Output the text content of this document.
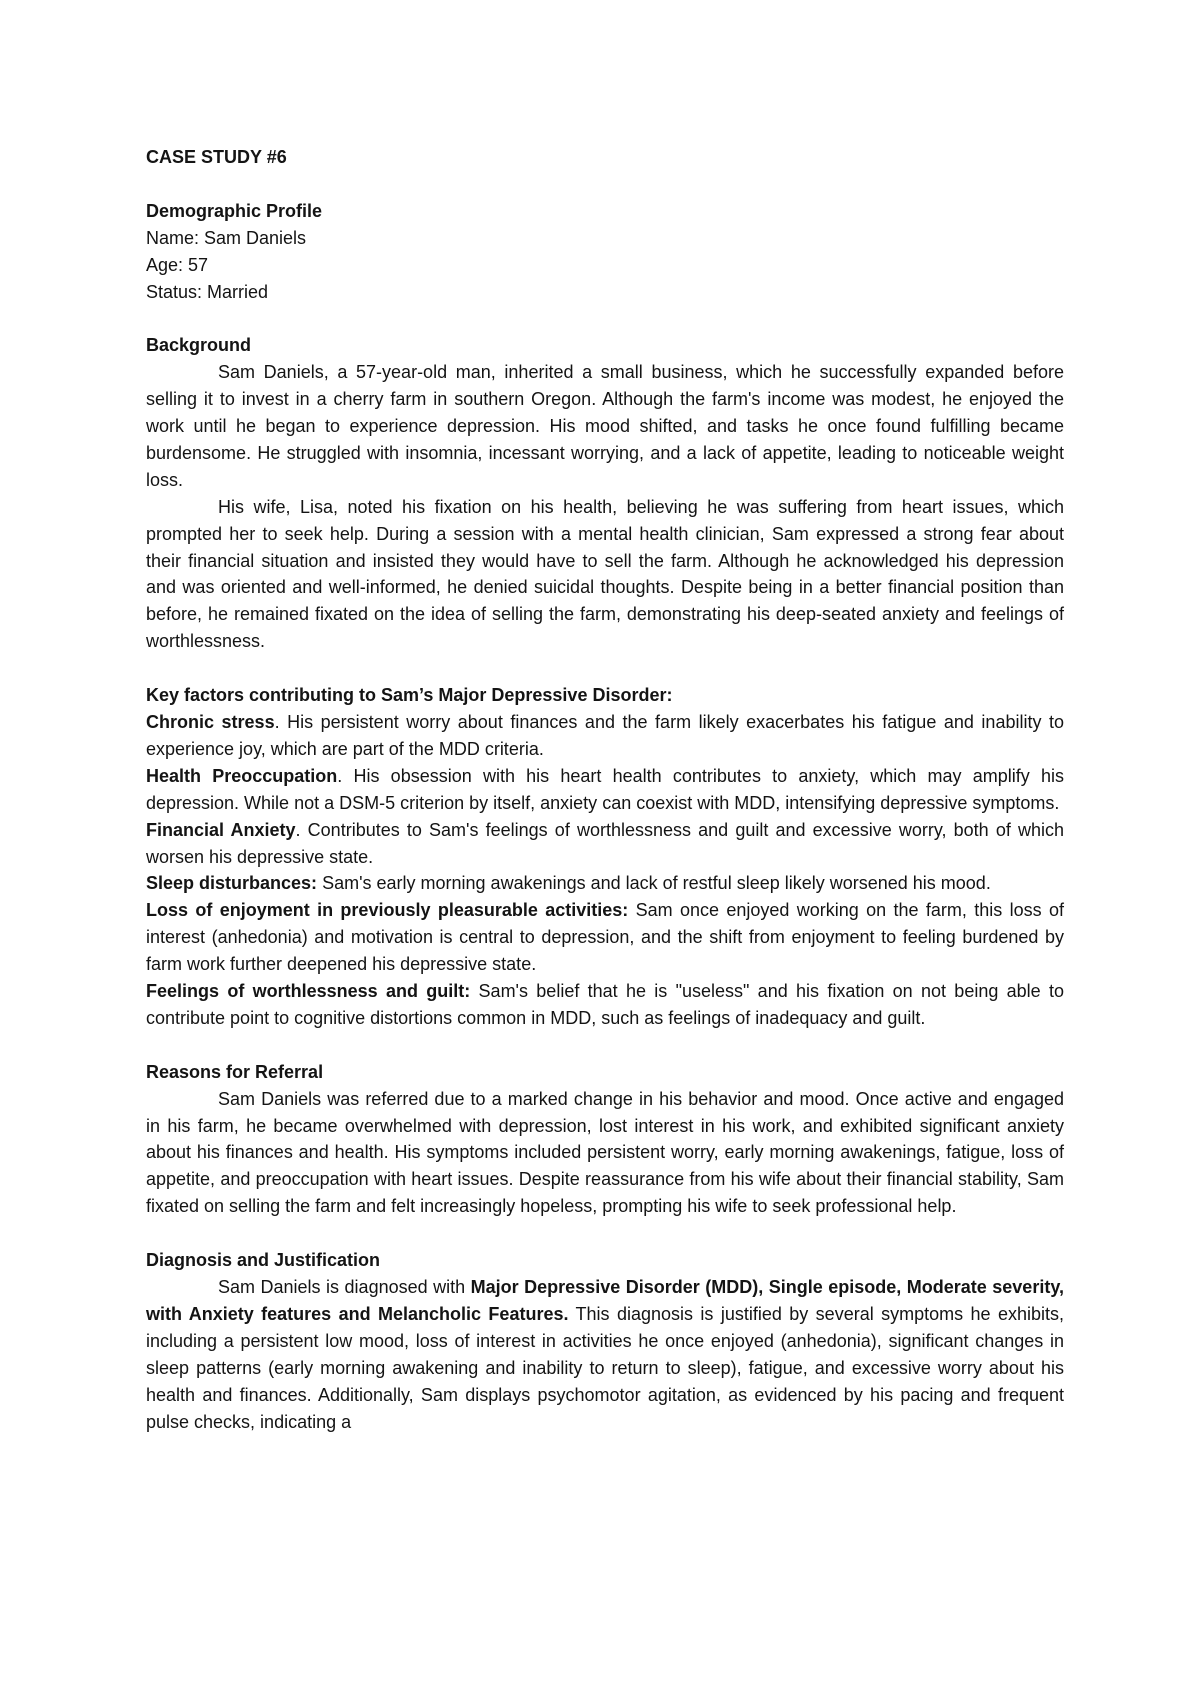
CASE STUDY #6

Demographic Profile

Name: Sam Daniels

Age: 57

Status: Married

Background

Sam Daniels, a 57-year-old man, inherited a small business, which he successfully expanded before selling it to invest in a cherry farm in southern Oregon. Although the farm's income was modest, he enjoyed the work until he began to experience depression. His mood shifted, and tasks he once found fulfilling became burdensome. He struggled with insomnia, incessant worrying, and a lack of appetite, leading to noticeable weight loss.

His wife, Lisa, noted his fixation on his health, believing he was suffering from heart issues, which prompted her to seek help. During a session with a mental health clinician, Sam expressed a strong fear about their financial situation and insisted they would have to sell the farm. Although he acknowledged his depression and was oriented and well-informed, he denied suicidal thoughts. Despite being in a better financial position than before, he remained fixated on the idea of selling the farm, demonstrating his deep-seated anxiety and feelings of worthlessness.

Key factors contributing to Sam’s Major Depressive Disorder:

Chronic stress. His persistent worry about finances and the farm likely exacerbates his fatigue and inability to experience joy, which are part of the MDD criteria.

Health Preoccupation. His obsession with his heart health contributes to anxiety, which may amplify his depression. While not a DSM-5 criterion by itself, anxiety can coexist with MDD, intensifying depressive symptoms.

Financial Anxiety. Contributes to Sam's feelings of worthlessness and guilt and excessive worry, both of which worsen his depressive state.

Sleep disturbances: Sam's early morning awakenings and lack of restful sleep likely worsened his mood.

Loss of enjoyment in previously pleasurable activities: Sam once enjoyed working on the farm, this loss of interest (anhedonia) and motivation is central to depression, and the shift from enjoyment to feeling burdened by farm work further deepened his depressive state.

Feelings of worthlessness and guilt: Sam's belief that he is "useless" and his fixation on not being able to contribute point to cognitive distortions common in MDD, such as feelings of inadequacy and guilt.

Reasons for Referral

Sam Daniels was referred due to a marked change in his behavior and mood. Once active and engaged in his farm, he became overwhelmed with depression, lost interest in his work, and exhibited significant anxiety about his finances and health. His symptoms included persistent worry, early morning awakenings, fatigue, loss of appetite, and preoccupation with heart issues. Despite reassurance from his wife about their financial stability, Sam fixated on selling the farm and felt increasingly hopeless, prompting his wife to seek professional help.

Diagnosis and Justification

Sam Daniels is diagnosed with Major Depressive Disorder (MDD), Single episode, Moderate severity, with Anxiety features and Melancholic Features. This diagnosis is justified by several symptoms he exhibits, including a persistent low mood, loss of interest in activities he once enjoyed (anhedonia), significant changes in sleep patterns (early morning awakening and inability to return to sleep), fatigue, and excessive worry about his health and finances. Additionally, Sam displays psychomotor agitation, as evidenced by his pacing and frequent pulse checks, indicating a
